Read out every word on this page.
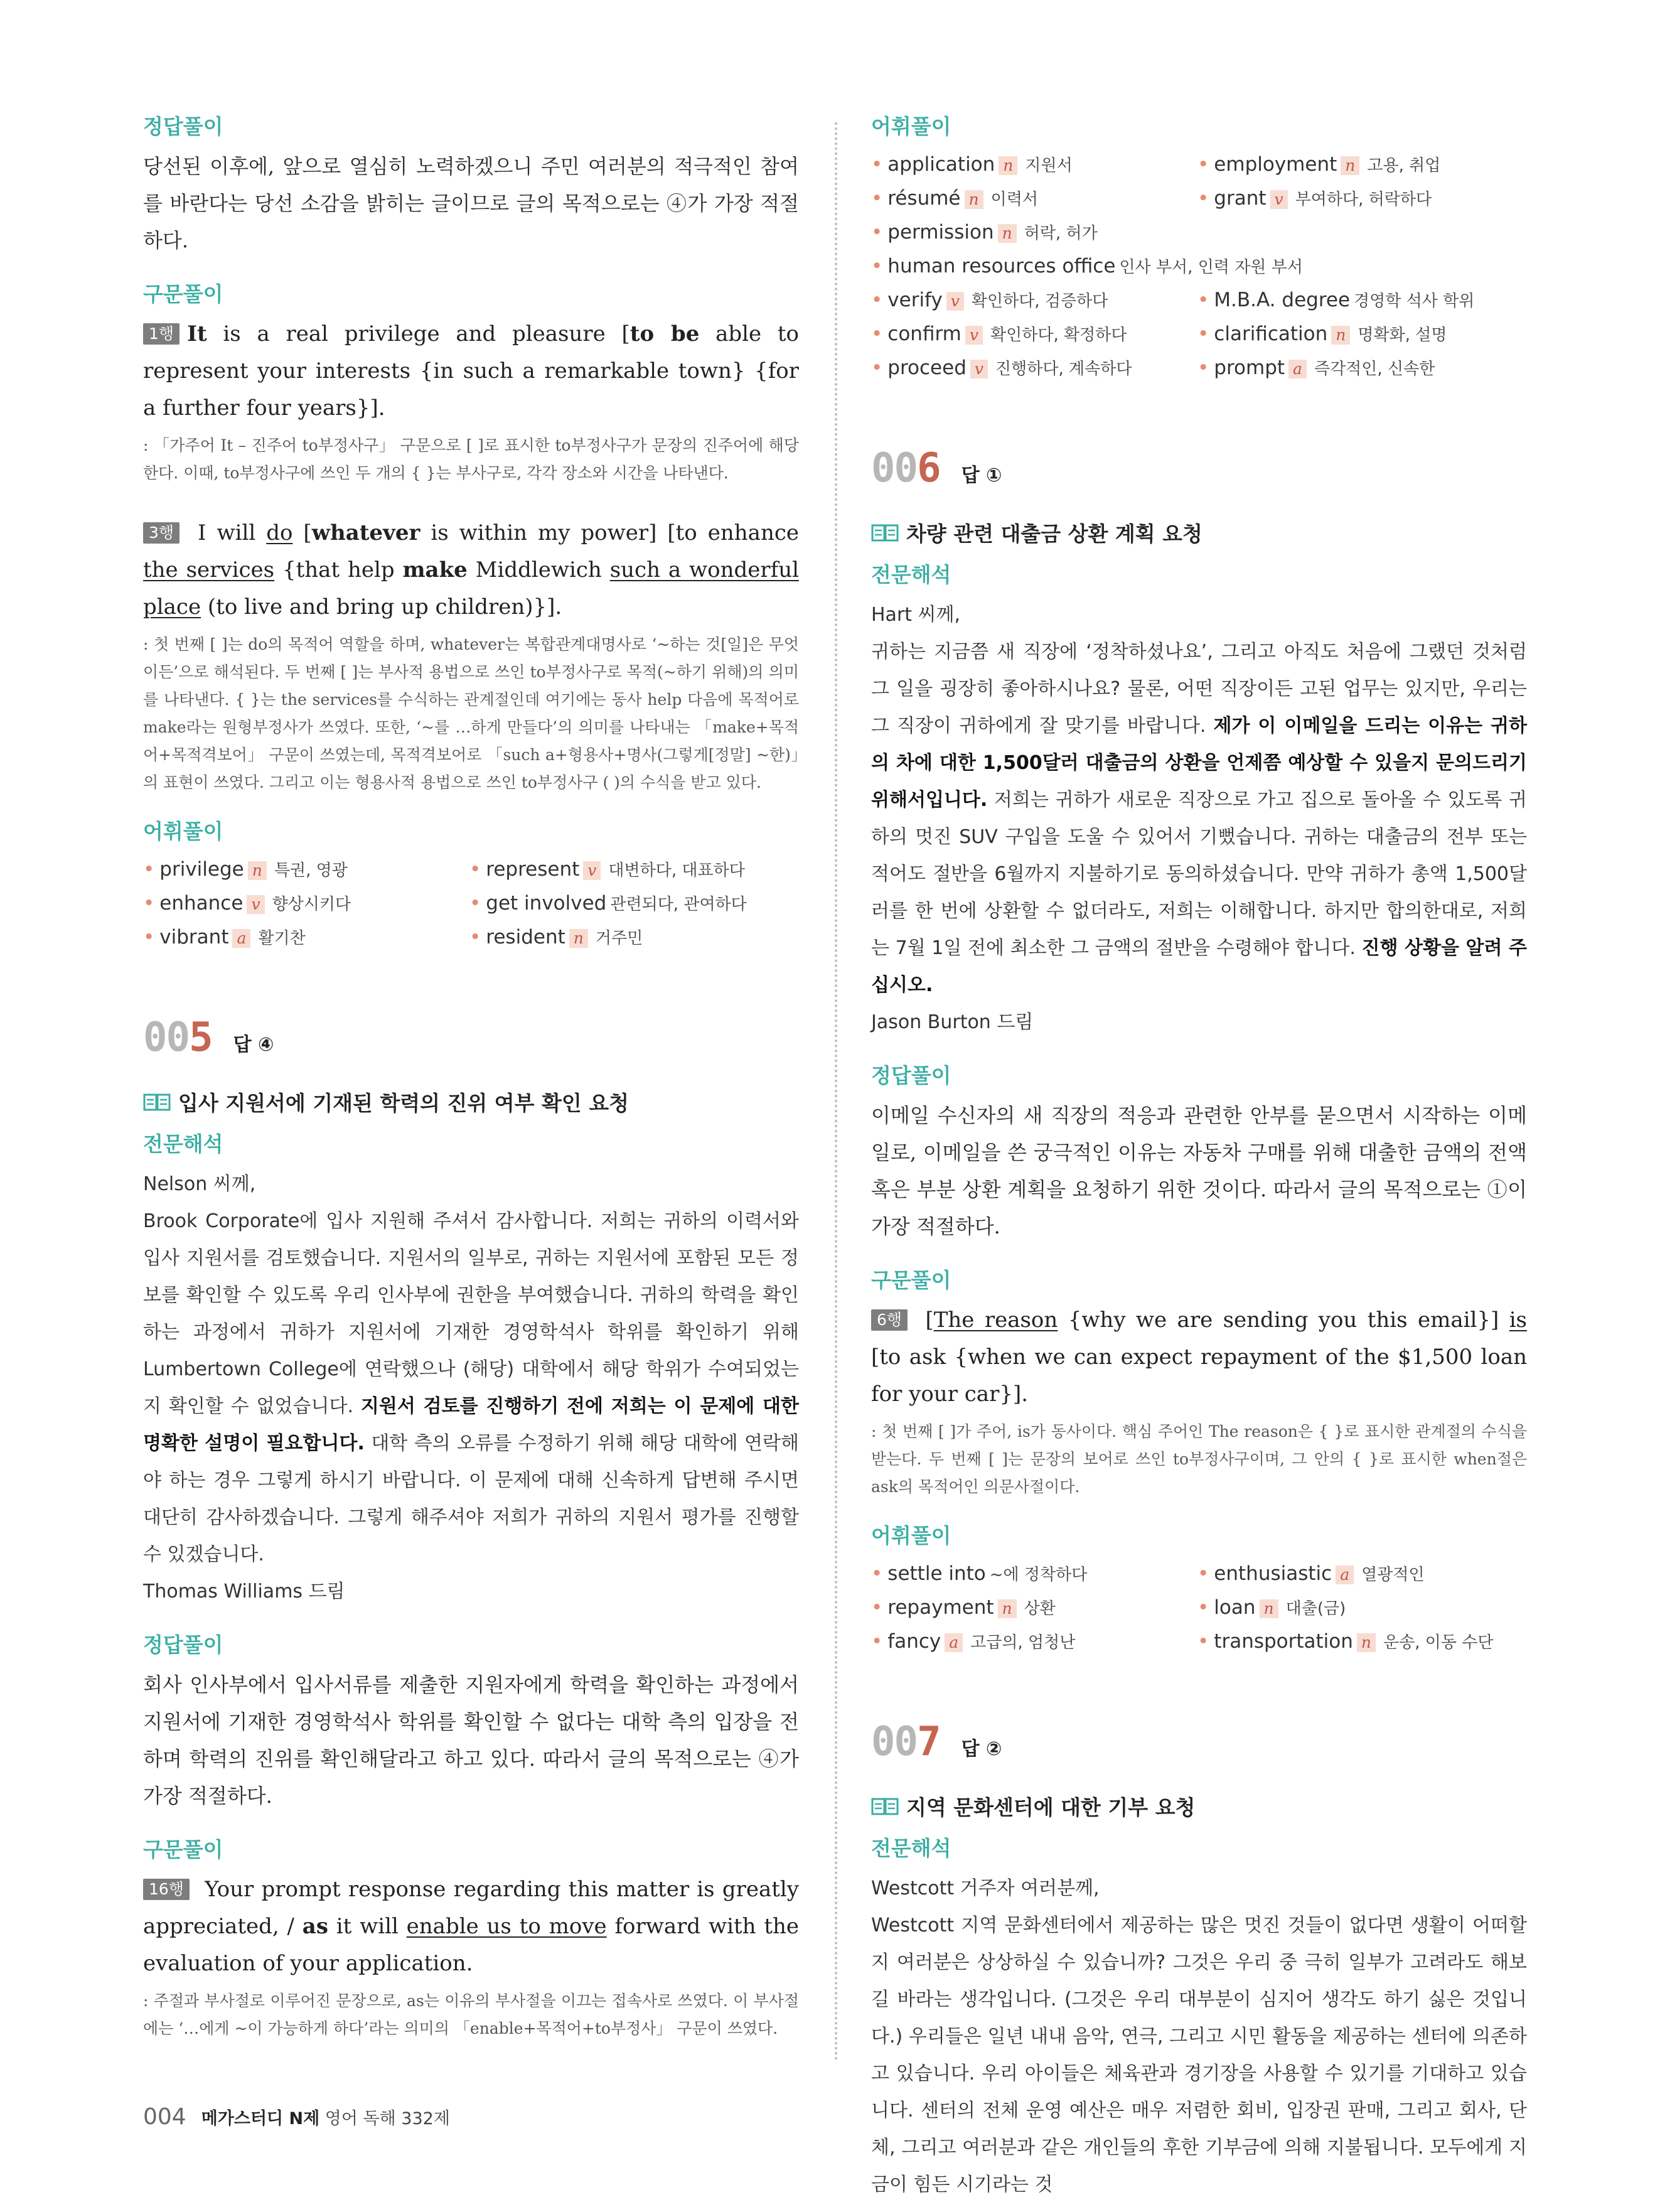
정답풀이
당선된 이후에, 앞으로 열심히 노력하겠으니 주민 여러분의 적극적인 참여를 바란다는 당선 소감을 밝히는 글이므로 글의 목적으로는 ④가 가장 적절하다.
구문풀이
1행 It is a real privilege and pleasure [to be able to represent your interests {in such a remarkable town} {for a further four years}].
: 「가주어 It – 진주어 to부정사구」 구문으로 [ ]로 표시한 to부정사구가 문장의 진주어에 해당한다. 이때, to부정사구에 쓰인 두 개의 { }는 부사구로, 각각 장소와 시간을 나타낸다.
3행 I will do [whatever is within my power] [to enhance the services {that help make Middlewich such a wonderful place (to live and bring up children)}].
: 첫 번째 [ ]는 do의 목적어 역할을 하며, whatever는 복합관계대명사로 ‘~하는 것[일]은 무엇이든’으로 해석된다. 두 번째 [ ]는 부사적 용법으로 쓰인 to부정사구로 목적(~하기 위해)의 의미를 나타낸다. { }는 the services를 수식하는 관계절인데 여기에는 동사 help 다음에 목적어로 make라는 원형부정사가 쓰였다. 또한, ‘~를 …하게 만들다’의 의미를 나타내는 「make+목적어+목적격보어」 구문이 쓰였는데, 목적격보어로 「such a+형용사+명사(그렇게[정말] ~한)」의 표현이 쓰였다. 그리고 이는 형용사적 용법으로 쓰인 to부정사구 ( )의 수식을 받고 있다.
어휘풀이
• privilege n 특권, 영광	• represent v 대변하다, 대표하다
• enhance v 향상시키다	• get involved 관련되다, 관여하다
• vibrant a 활기찬	• resident n 거주민
005 답 ④
입사 지원서에 기재된 학력의 진위 여부 확인 요청
전문해석
Nelson 씨께,
Brook Corporate에 입사 지원해 주셔서 감사합니다. 저희는 귀하의 이력서와 입사 지원서를 검토했습니다. 지원서의 일부로, 귀하는 지원서에 포함된 모든 정보를 확인할 수 있도록 우리 인사부에 권한을 부여했습니다. 귀하의 학력을 확인하는 과정에서 귀하가 지원서에 기재한 경영학석사 학위를 확인하기 위해 Lumbertown College에 연락했으나 (해당) 대학에서 해당 학위가 수여되었는지 확인할 수 없었습니다. 지원서 검토를 진행하기 전에 저희는 이 문제에 대한 명확한 설명이 필요합니다. 대학 측의 오류를 수정하기 위해 해당 대학에 연락해야 하는 경우 그렇게 하시기 바랍니다. 이 문제에 대해 신속하게 답변해 주시면 대단히 감사하겠습니다. 그렇게 해주셔야 저희가 귀하의 지원서 평가를 진행할 수 있겠습니다.
Thomas Williams 드림
정답풀이
회사 인사부에서 입사서류를 제출한 지원자에게 학력을 확인하는 과정에서 지원서에 기재한 경영학석사 학위를 확인할 수 없다는 대학 측의 입장을 전하며 학력의 진위를 확인해달라고 하고 있다. 따라서 글의 목적으로는 ④가 가장 적절하다.
구문풀이
16행 Your prompt response regarding this matter is greatly appreciated, / as it will enable us to move forward with the evaluation of your application.
: 주절과 부사절로 이루어진 문장으로, as는 이유의 부사절을 이끄는 접속사로 쓰였다. 이 부사절에는 ‘…에게 ~이 가능하게 하다’라는 의미의 「enable+목적어+to부정사」 구문이 쓰였다.
어휘풀이
• application n 지원서	• employment n 고용, 취업
• résumé n 이력서	• grant v 부여하다, 허락하다
• permission n 허락, 허가
• human resources office 인사 부서, 인력 자원 부서
• verify v 확인하다, 검증하다	• M.B.A. degree 경영학 석사 학위
• confirm v 확인하다, 확정하다	• clarification n 명확화, 설명
• proceed v 진행하다, 계속하다	• prompt a 즉각적인, 신속한
006 답 ①
차량 관련 대출금 상환 계획 요청
전문해석
Hart 씨께,
귀하는 지금쯤 새 직장에 ‘정착하셨나요’, 그리고 아직도 처음에 그랬던 것처럼 그 일을 굉장히 좋아하시나요? 물론, 어떤 직장이든 고된 업무는 있지만, 우리는 그 직장이 귀하에게 잘 맞기를 바랍니다. 제가 이 이메일을 드리는 이유는 귀하의 차에 대한 1,500달러 대출금의 상환을 언제쯤 예상할 수 있을지 문의드리기 위해서입니다. 저희는 귀하가 새로운 직장으로 가고 집으로 돌아올 수 있도록 귀하의 멋진 SUV 구입을 도울 수 있어서 기뻤습니다. 귀하는 대출금의 전부 또는 적어도 절반을 6월까지 지불하기로 동의하셨습니다. 만약 귀하가 총액 1,500달러를 한 번에 상환할 수 없더라도, 저희는 이해합니다. 하지만 합의한대로, 저희는 7월 1일 전에 최소한 그 금액의 절반을 수령해야 합니다. 진행 상황을 알려 주십시오.
Jason Burton 드림
정답풀이
이메일 수신자의 새 직장의 적응과 관련한 안부를 묻으면서 시작하는 이메일로, 이메일을 쓴 궁극적인 이유는 자동차 구매를 위해 대출한 금액의 전액 혹은 부분 상환 계획을 요청하기 위한 것이다. 따라서 글의 목적으로는 ①이 가장 적절하다.
구문풀이
6행 [The reason {why we are sending you this email}] is [to ask {when we can expect repayment of the $1,500 loan for your car}].
: 첫 번째 [ ]가 주어, is가 동사이다. 핵심 주어인 The reason은 { }로 표시한 관계절의 수식을 받는다. 두 번째 [ ]는 문장의 보어로 쓰인 to부정사구이며, 그 안의 { }로 표시한 when절은 ask의 목적어인 의문사절이다.
어휘풀이
• settle into ~에 정착하다	• enthusiastic a 열광적인
• repayment n 상환	• loan n 대출(금)
• fancy a 고급의, 엄청난	• transportation n 운송, 이동 수단
007 답 ②
지역 문화센터에 대한 기부 요청
전문해석
Westcott 거주자 여러분께,
Westcott 지역 문화센터에서 제공하는 많은 멋진 것들이 없다면 생활이 어떠할지 여러분은 상상하실 수 있습니까? 그것은 우리 중 극히 일부가 고려라도 해보길 바라는 생각입니다. (그것은 우리 대부분이 심지어 생각도 하기 싫은 것입니다.) 우리들은 일년 내내 음악, 연극, 그리고 시민 활동을 제공하는 센터에 의존하고 있습니다. 우리 아이들은 체육관과 경기장을 사용할 수 있기를 기대하고 있습니다. 센터의 전체 운영 예산은 매우 저렴한 회비, 입장권 판매, 그리고 회사, 단체, 그리고 여러분과 같은 개인들의 후한 기부금에 의해 지불됩니다. 모두에게 지금이 힘든 시기라는 것
004 메가스터디 N제 영어 독해 332제
